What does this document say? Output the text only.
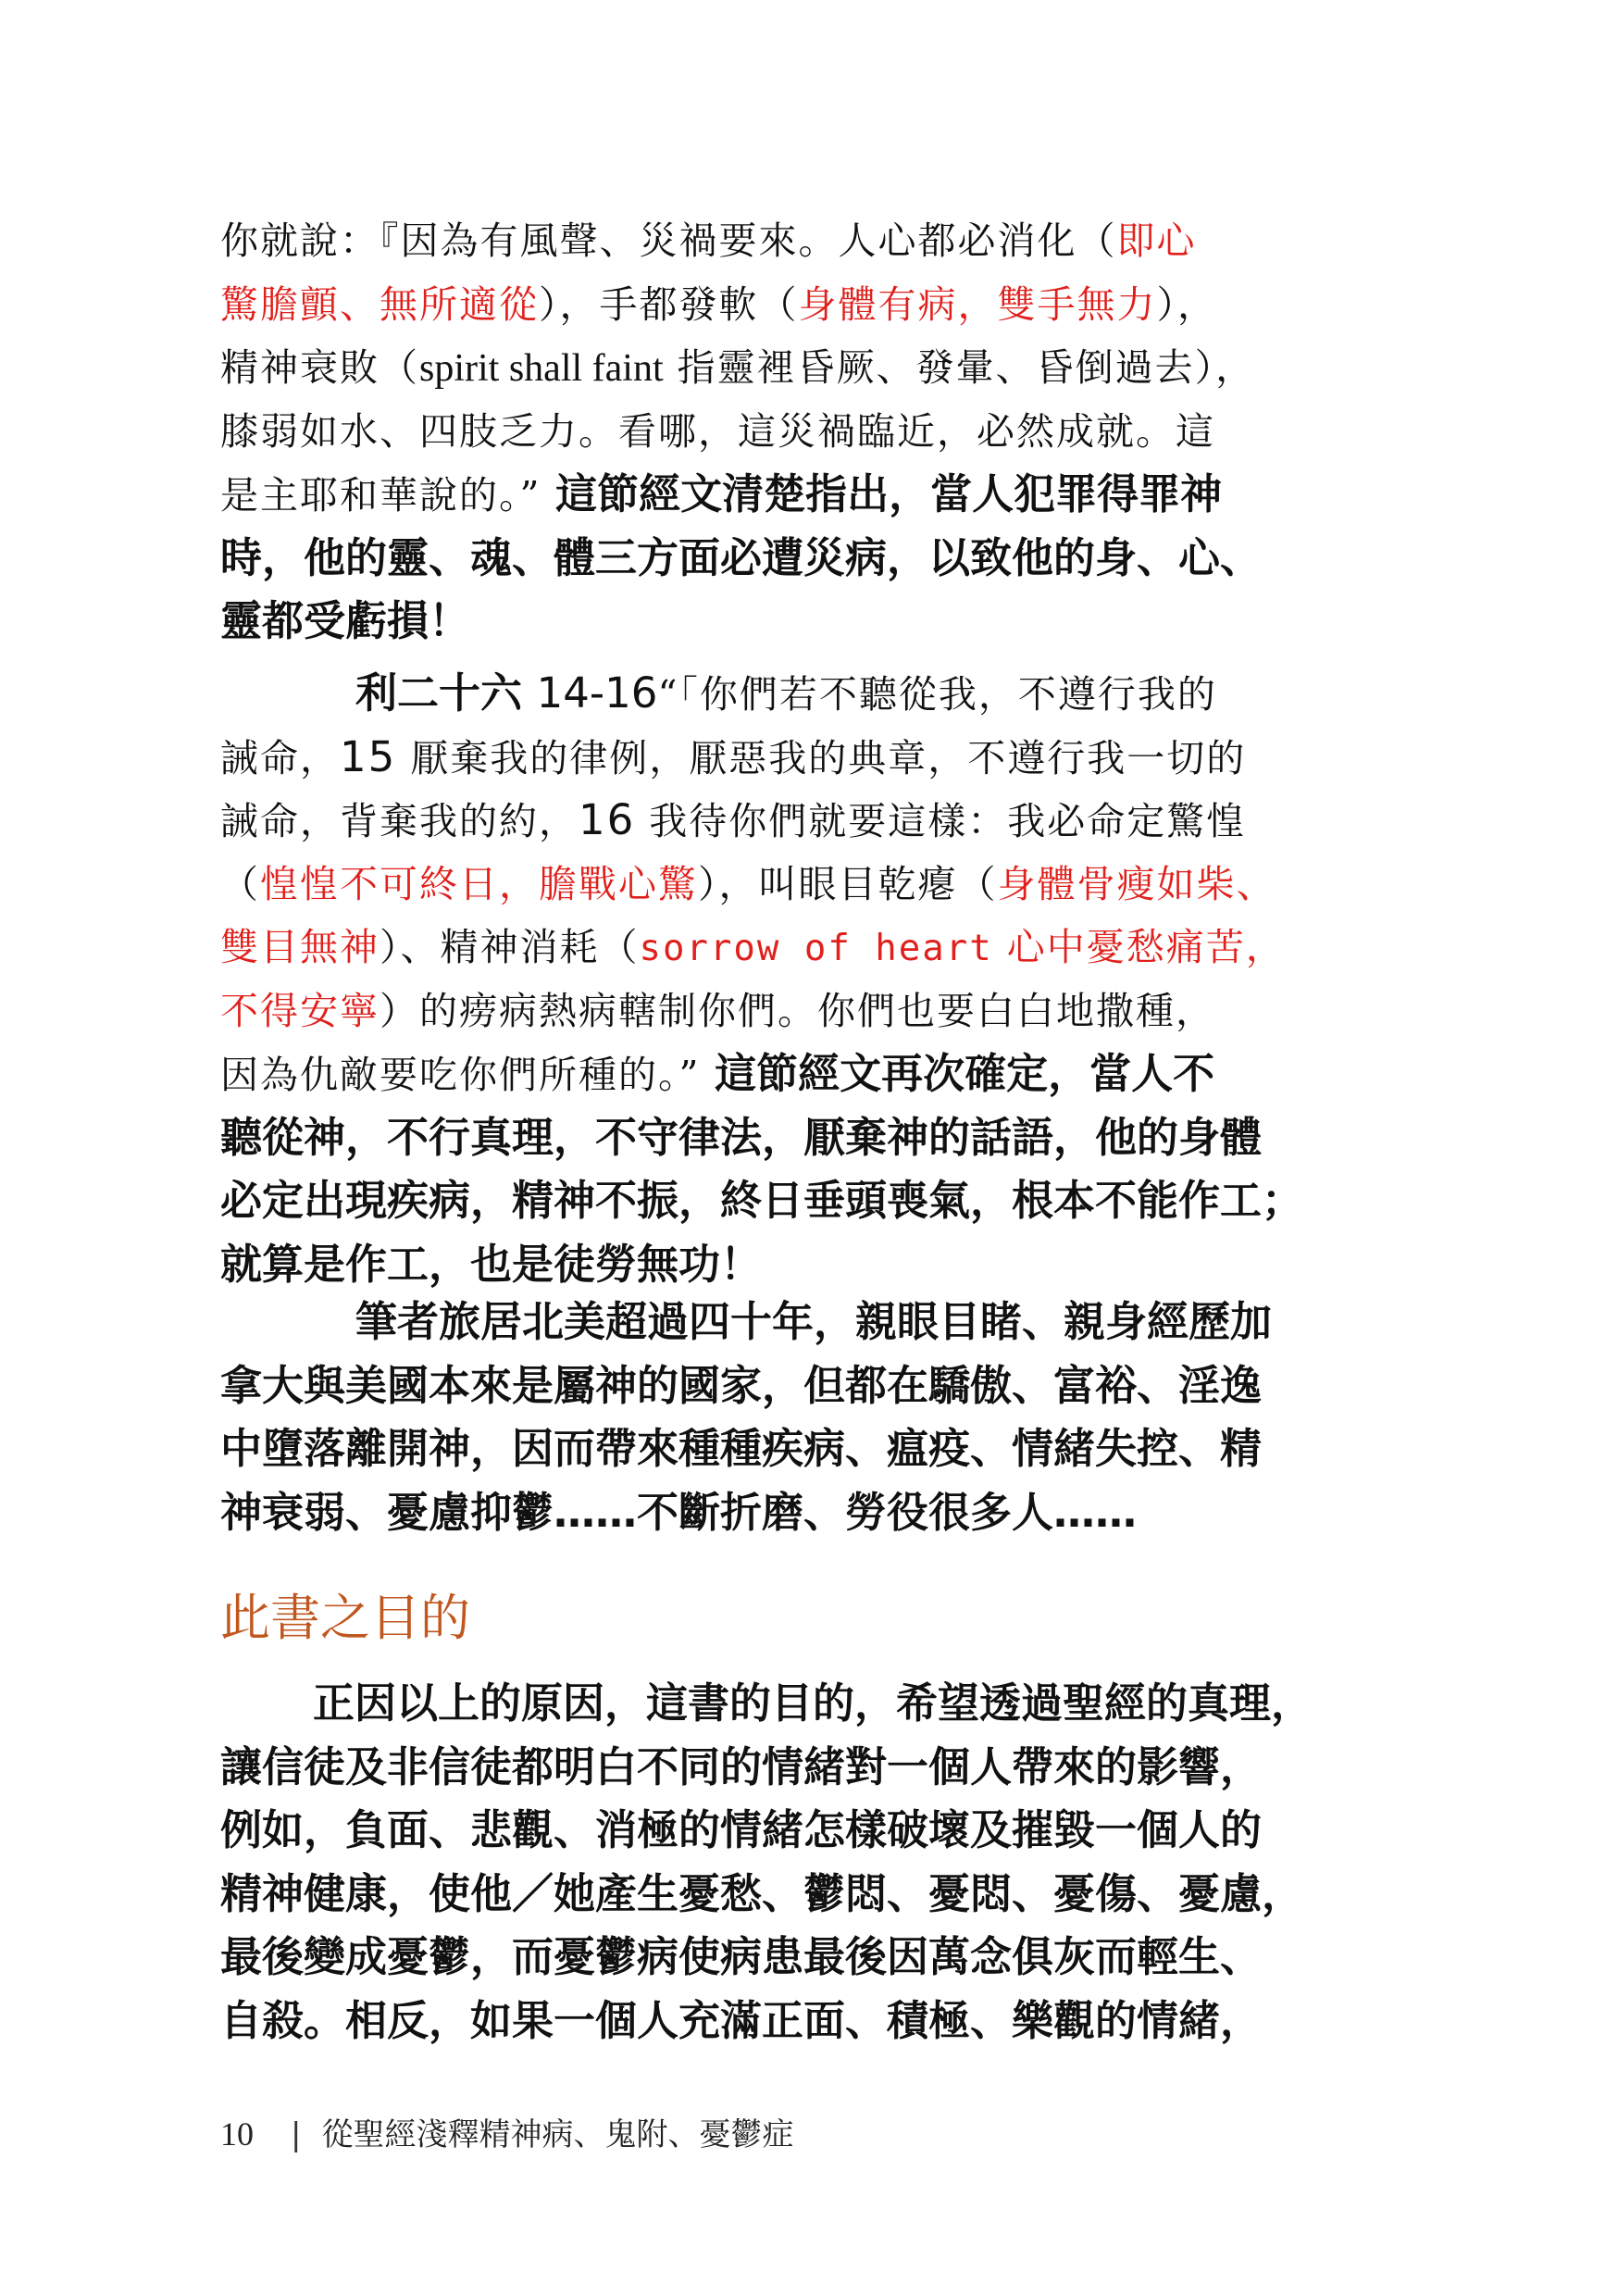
你就說：『因為有風聲、災禍要來。人心都必消化（即心
驚膽顫、無所適從），手都發軟（身體有病，雙手無力），
精神衰敗（spirit shall faint 指靈裡昏厥、發暈、昏倒過去），
膝弱如水、四肢乏力。看哪，這災禍臨近，必然成就。這
是主耶和華說的。” 這節經文清楚指出，當人犯罪得罪神
時，他的靈、魂、體三方面必遭災病，以致他的身、心、
靈都受虧損！
利二十六 14-16“「你們若不聽從我，不遵行我的
誡命，15 厭棄我的律例，厭惡我的典章，不遵行我一切的
誡命，背棄我的約，16 我待你們就要這樣：我必命定驚惶
（惶惶不可終日，膽戰心驚），叫眼目乾瘪（身體骨瘦如柴、
雙目無神）、精神消耗（sorrow of heart 心中憂愁痛苦，
不得安寧）的痨病熱病轄制你們。你們也要白白地撒種，
因為仇敵要吃你們所種的。” 這節經文再次確定，當人不
聽從神，不行真理，不守律法，厭棄神的話語，他的身體
必定出現疾病，精神不振，終日垂頭喪氣，根本不能作工；
就算是作工，也是徒勞無功！
筆者旅居北美超過四十年，親眼目睹、親身經歷加
拿大與美國本來是屬神的國家，但都在驕傲、富裕、淫逸
中墮落離開神，因而帶來種種疾病、瘟疫、情緒失控、精
神衰弱、憂慮抑鬱……不斷折磨、勞役很多人……
此書之目的
正因以上的原因，這書的目的，希望透過聖經的真理，
讓信徒及非信徒都明白不同的情緒對一個人帶來的影響，
例如，負面、悲觀、消極的情緒怎樣破壞及摧毀一個人的
精神健康，使他／她產生憂愁、鬱悶、憂悶、憂傷、憂慮，
最後變成憂鬱，而憂鬱病使病患最後因萬念俱灰而輕生、
自殺。相反，如果一個人充滿正面、積極、樂觀的情緒，
10 | 從聖經淺釋精神病、鬼附、憂鬱症
